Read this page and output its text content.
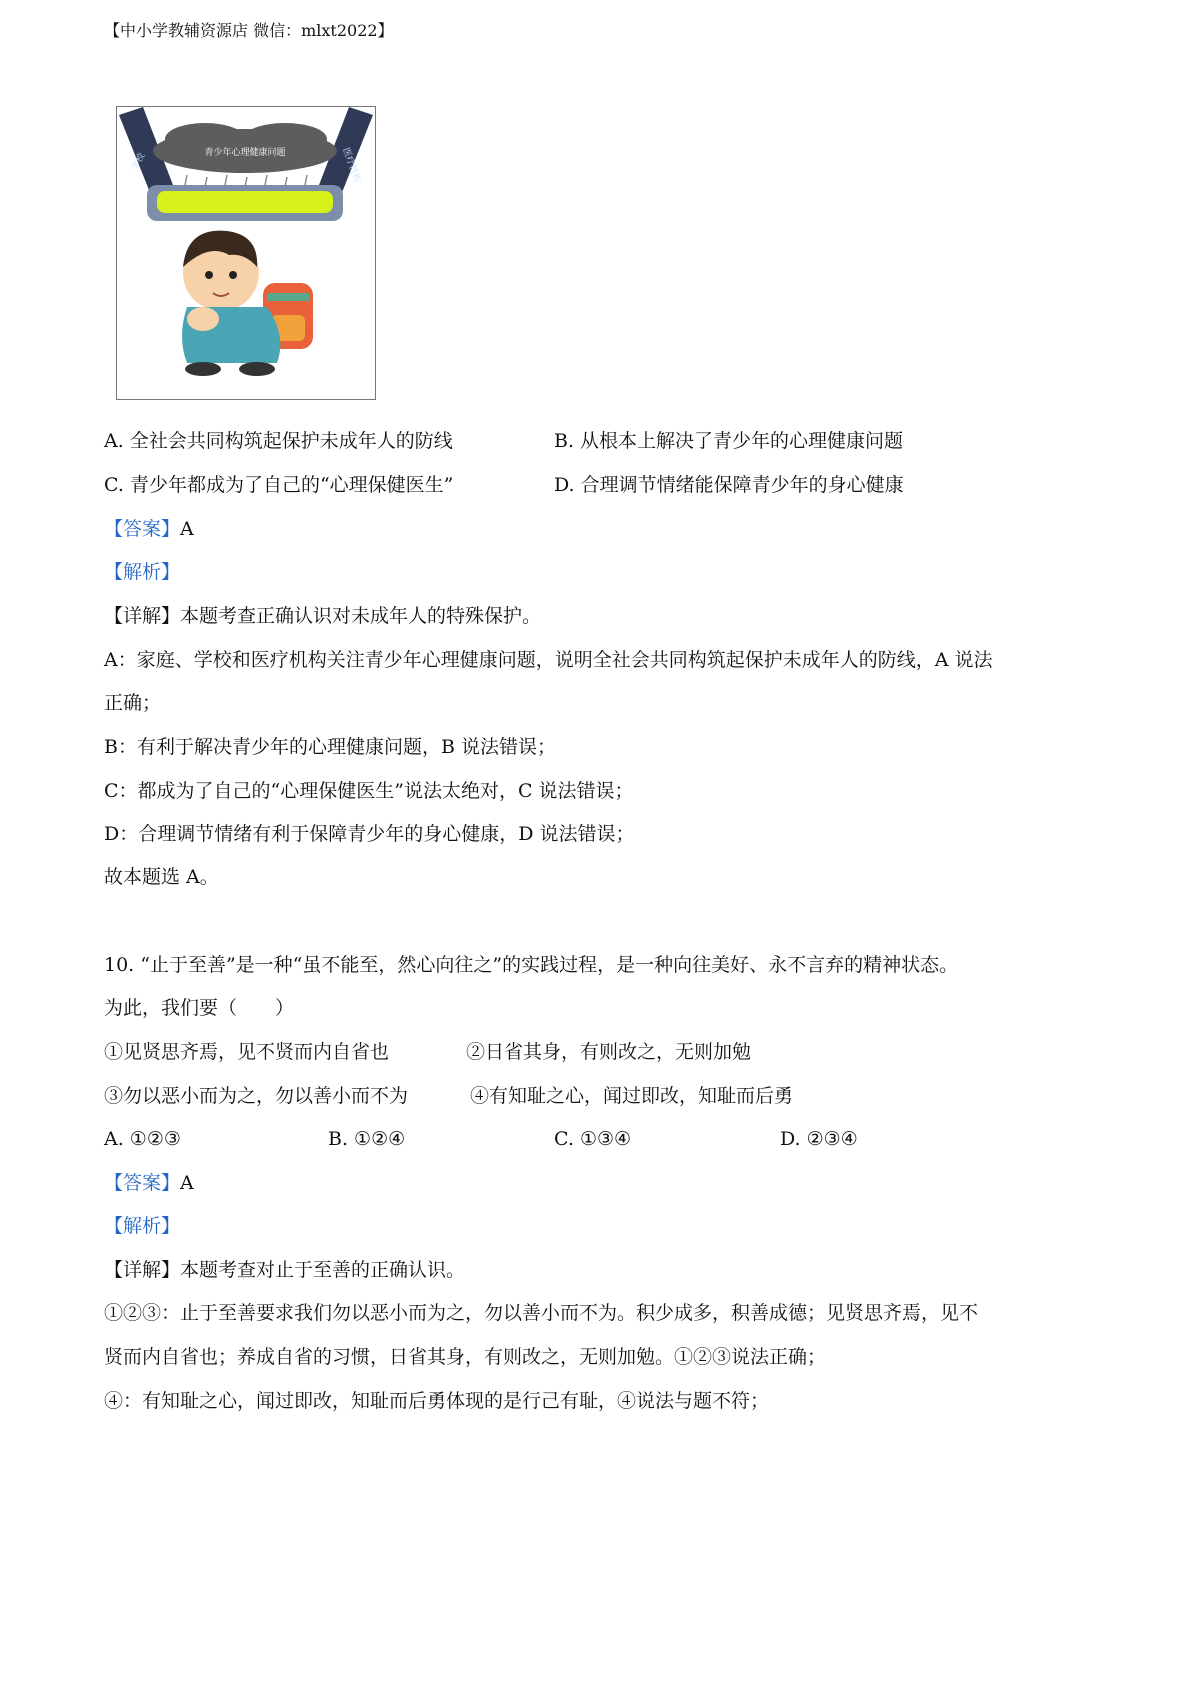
【中小学教辅资源店 微信：mlxt2022】
学校	医疗机构
青少年心理健康问题
A. 全社会共同构筑起保护未成年人的防线	B. 从根本上解决了青少年的心理健康问题
C. 青少年都成为了自己的“心理保健医生”	D. 合理调节情绪能保障青少年的身心健康
【答案】A
【解析】
【详解】本题考查正确认识对未成年人的特殊保护。
A：家庭、学校和医疗机构关注青少年心理健康问题，说明全社会共同构筑起保护未成年人的防线，A 说法
正确；
B：有利于解决青少年的心理健康问题，B 说法错误；
C：都成为了自己的“心理保健医生”说法太绝对，C 说法错误；
D：合理调节情绪有利于保障青少年的身心健康，D 说法错误；
故本题选 A。
10. “止于至善”是一种“虽不能至，然心向往之”的实践过程，是一种向往美好、永不言弃的精神状态。
为此，我们要（　　）
①见贤思齐焉，见不贤而内自省也	②日省其身，有则改之，无则加勉
③勿以恶小而为之，勿以善小而不为	④有知耻之心，闻过即改，知耻而后勇
A. ①②③	B. ①②④	C. ①③④	D. ②③④
【答案】A
【解析】
【详解】本题考查对止于至善的正确认识。
①②③：止于至善要求我们勿以恶小而为之，勿以善小而不为。积少成多，积善成德；见贤思齐焉，见不
贤而内自省也；养成自省的习惯，日省其身，有则改之，无则加勉。①②③说法正确；
④：有知耻之心，闻过即改，知耻而后勇体现的是行己有耻，④说法与题不符；
